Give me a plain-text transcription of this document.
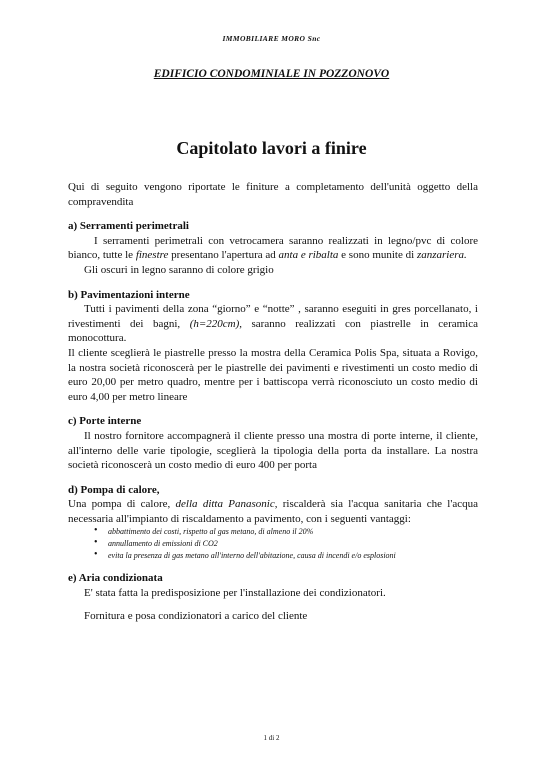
IMMOBILIARE MORO Snc
EDIFICIO CONDOMINIALE IN POZZONOVO
Capitolato lavori a finire

Qui di seguito vengono riportate le finiture a completamento dell'unità oggetto della compravendita

a) Serramenti perimetrali

I serramenti perimetrali con vetrocamera saranno realizzati in legno/pvc di colore bianco, tutte le finestre presentano l'apertura ad anta e ribalta e sono munite di zanzariera.

Gli oscuri in legno saranno di colore grigio

b) Pavimentazioni interne

Tutti i pavimenti della zona “giorno” e “notte” , saranno eseguiti in gres porcellanato, i rivestimenti dei bagni, (h=220cm), saranno realizzati con piastrelle in ceramica monocottura.

Il cliente sceglierà le piastrelle presso la mostra della Ceramica Polis Spa, situata a Rovigo, la nostra società riconoscerà per le piastrelle dei pavimenti e rivestimenti un costo medio di euro 20,00 per metro quadro, mentre per i battiscopa verrà riconosciuto un costo medio di euro 4,00 per metro lineare

c) Porte interne

Il nostro fornitore accompagnerà il cliente presso una mostra di porte interne, il cliente, all'interno delle varie tipologie, sceglierà la tipologia della porta da installare. La nostra società riconoscerà un costo medio di euro 400 per porta

d) Pompa di calore,

Una pompa di calore, della ditta Panasonic, riscalderà sia l'acqua sanitaria che l'acqua necessaria all'impianto di riscaldamento a pavimento, con i seguenti vantaggi:

• abbattimento dei costi, rispetto al gas metano, di almeno il 20%
• annullamento di emissioni di CO2
• evita la presenza di gas metano all'interno dell'abitazione, causa di incendi e/o esplosioni

e) Aria condizionata

E' stata fatta la predisposizione per l'installazione dei condizionatori.

Fornitura e posa condizionatori a carico del cliente

1 di 2
